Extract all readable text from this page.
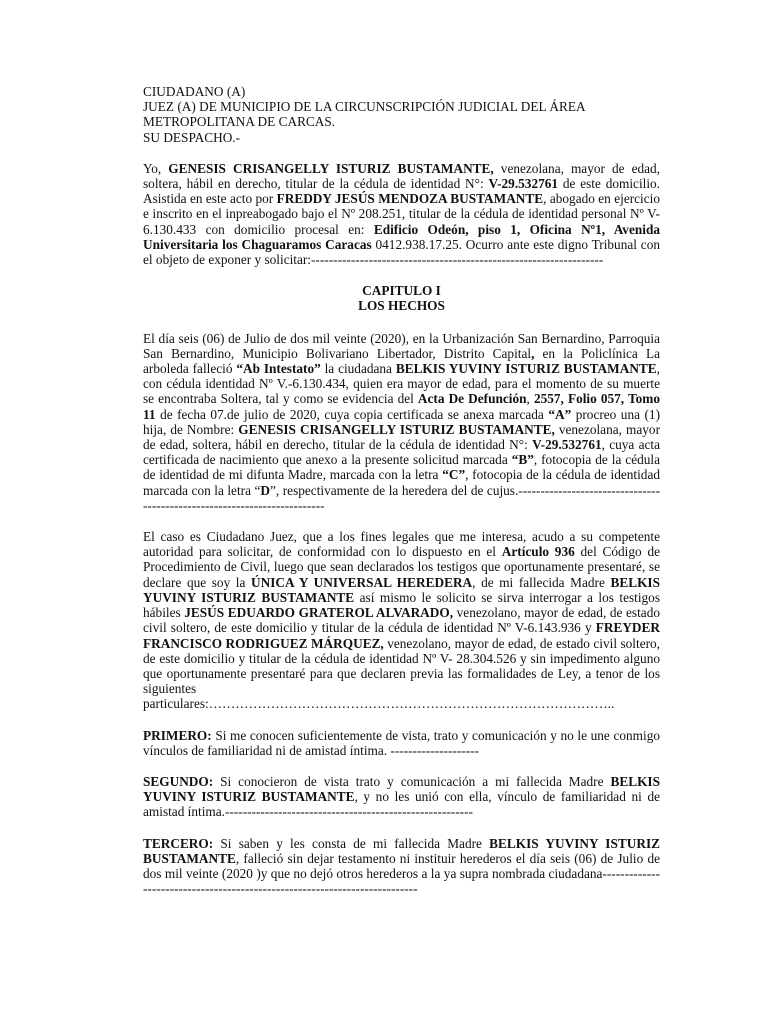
CIUDADANO (A)
JUEZ (A) DE MUNICIPIO DE LA CIRCUNSCRIPCIÓN JUDICIAL DEL ÁREA
METROPOLITANA DE CARCAS.
SU DESPACHO.-

Yo, GENESIS CRISANGELLY ISTURIZ BUSTAMANTE, venezolana, mayor de edad, soltera, hábil en derecho, titular de la cédula de identidad N°: V-29.532761 de este domicilio. Asistida en este acto por FREDDY JESÚS MENDOZA BUSTAMANTE, abogado en ejercicio e inscrito en el inpreabogado bajo el Nº 208.251, titular de la cédula de identidad personal Nº V-6.130.433 con domicilio procesal en: Edificio Odeón, piso 1, Oficina Nº1, Avenida Universitaria los Chaguaramos Caracas 0412.938.17.25. Ocurro ante este digno Tribunal con el objeto de exponer y solicitar:------------------------------------------------------------------

CAPITULO I
LOS HECHOS

El día seis (06) de Julio de dos mil veinte (2020), en la Urbanización San Bernardino, Parroquia San Bernardino, Municipio Bolivariano Libertador, Distrito Capital, en la Policlínica La arboleda falleció “Ab Intestato” la ciudadana BELKIS YUVINY ISTURIZ BUSTAMANTE, con cédula identidad Nº V.-6.130.434, quien era mayor de edad, para el momento de su muerte se encontraba Soltera, tal y como se evidencia del Acta De Defunción, 2557, Folio 057, Tomo 11 de fecha 07.de julio de 2020, cuya copia certificada se anexa marcada “A” procreo una (1) hija, de Nombre: GENESIS CRISANGELLY ISTURIZ BUSTAMANTE, venezolana, mayor de edad, soltera, hábil en derecho, titular de la cédula de identidad N°: V-29.532761, cuya acta certificada de nacimiento que anexo a la presente solicitud marcada “B”, fotocopia de la cédula de identidad de mi difunta Madre, marcada con la letra “C”, fotocopia de la cédula de identidad marcada con la letra “D”, respectivamente de la heredera del de cujus.-------------------------------------------------------------------------

El caso es Ciudadano Juez, que a los fines legales que me interesa, acudo a su competente autoridad para solicitar, de conformidad con lo dispuesto en el Artículo 936 del Código de Procedimiento de Civil, luego que sean declarados los testigos que oportunamente presentaré, se declare que soy la ÚNICA Y UNIVERSAL HEREDERA, de mi fallecida Madre BELKIS YUVINY ISTURIZ BUSTAMANTE así mismo le solicito se sirva interrogar a los testigos hábiles JESÚS EDUARDO GRATEROL ALVARADO, venezolano, mayor de edad, de estado civil soltero, de este domicilio y titular de la cédula de identidad Nº V-6.143.936 y FREYDER FRANCISCO RODRIGUEZ MÁRQUEZ, venezolano, mayor de edad, de estado civil soltero, de este domicilio y titular de la cédula de identidad Nº V- 28.304.526 y sin impedimento alguno que oportunamente presentaré para que declaren previa las formalidades de Ley, a tenor de los siguientes particulares:………………………………………………………………………………..

PRIMERO: Si me conocen suficientemente de vista, trato y comunicación y no le une conmigo vínculos de familiaridad ni de amistad íntima. --------------------

SEGUNDO: Si conocieron de vista trato y comunicación a mi fallecida Madre BELKIS YUVINY ISTURIZ BUSTAMANTE, y no les unió con ella, vínculo de familiaridad ni de amistad íntima.--------------------------------------------------------

TERCERO: Si saben y les consta de mi fallecida Madre BELKIS YUVINY ISTURIZ BUSTAMANTE, falleció sin dejar testamento ni instituir herederos el día seis (06) de Julio de dos mil veinte (2020 )y que no dejó otros herederos a la ya supra nombrada ciudadana---------------------------------------------------------------------------
